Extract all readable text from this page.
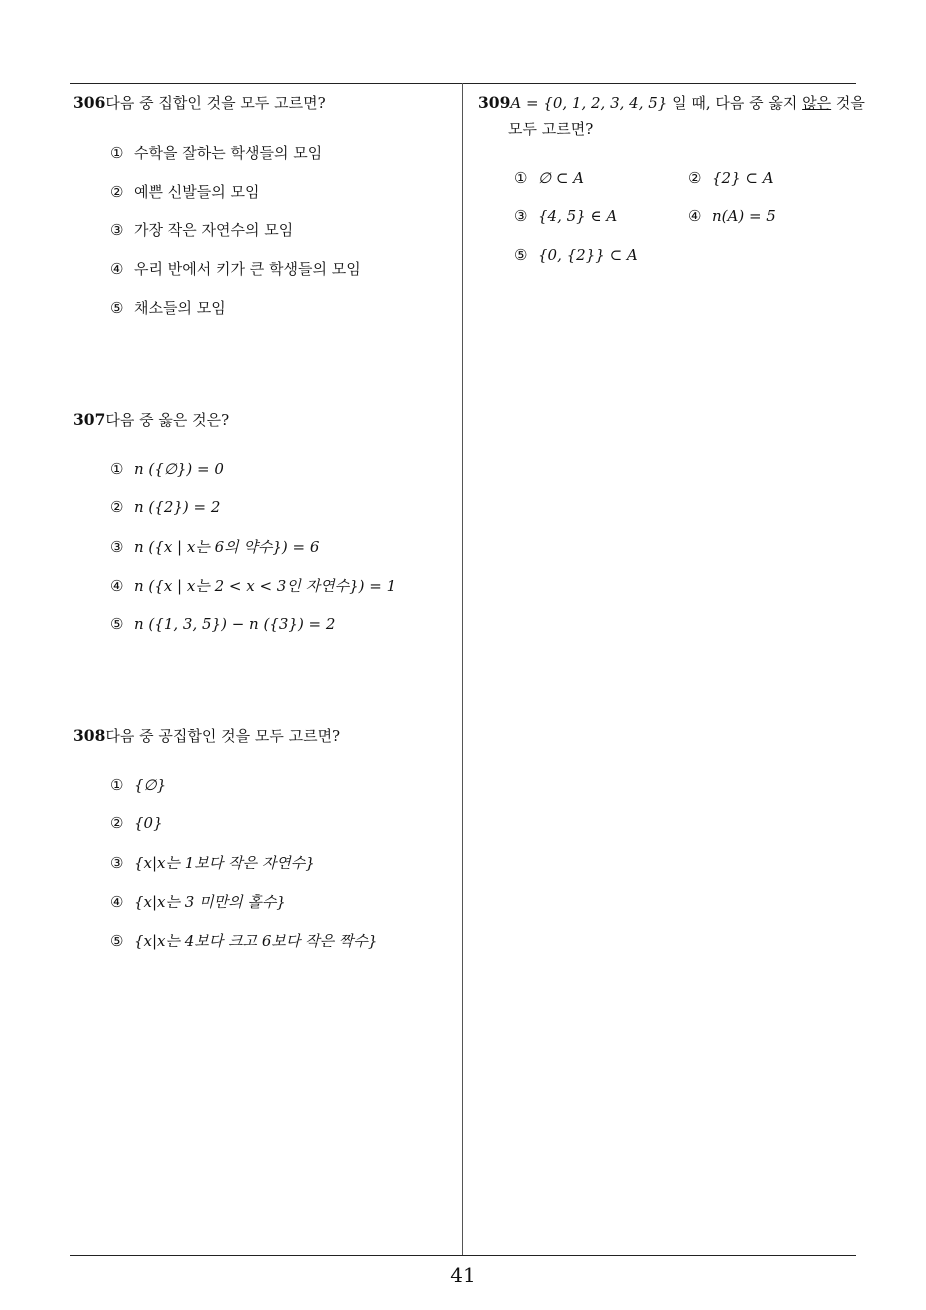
306다음 중 집합인 것을 모두 고르면?
① 수학을 잘하는 학생들의 모임
② 예쁜 신발들의 모임
③ 가장 작은 자연수의 모임
④ 우리 반에서 키가 큰 학생들의 모임
⑤ 채소들의 모임
307다음 중 옳은 것은?
① n ({∅}) = 0
② n ({2}) = 2
③ n ({x | x는 6의 약수}) = 6
④ n ({x | x는 2 < x < 3인 자연수}) = 1
⑤ n ({1, 3, 5}) − n ({3}) = 2
308다음 중 공집합인 것을 모두 고르면?
① {∅}
② {0}
③ {x|x는 1보다 작은 자연수}
④ {x|x는 3 미만의 홀수}
⑤ {x|x는 4보다 크고 6보다 작은 짝수}
309A = {0, 1, 2, 3, 4, 5} 일 때, 다음 중 옳지 않은 것을
모두 고르면?
① ∅ ⊂ A	② {2} ⊂ A
③ {4, 5} ∈ A	④ n(A) = 5
⑤ {0, {2}} ⊂ A
41
